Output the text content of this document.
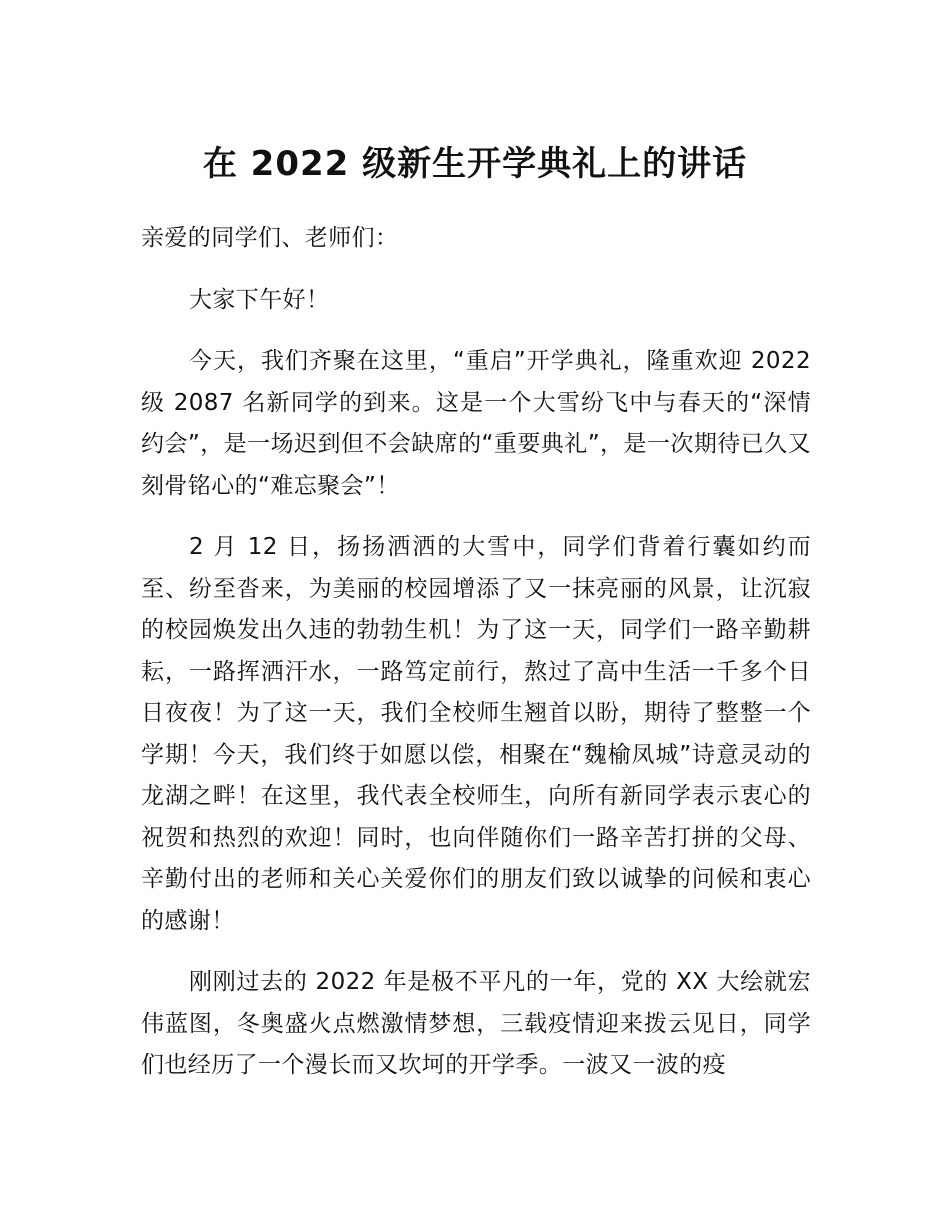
在 2022 级新生开学典礼上的讲话

亲爱的同学们、老师们：

大家下午好！

今天，我们齐聚在这里，“重启”开学典礼，隆重欢迎 2022 级 2087 名新同学的到来。这是一个大雪纷飞中与春天的“深情约会”，是一场迟到但不会缺席的“重要典礼”，是一次期待已久又刻骨铭心的“难忘聚会”！

2 月 12 日，扬扬洒洒的大雪中，同学们背着行囊如约而至、纷至沓来，为美丽的校园增添了又一抹亮丽的风景，让沉寂的校园焕发出久违的勃勃生机！为了这一天，同学们一路辛勤耕耘，一路挥洒汗水，一路笃定前行，熬过了高中生活一千多个日日夜夜！为了这一天，我们全校师生翘首以盼，期待了整整一个学期！今天，我们终于如愿以偿，相聚在“魏榆凤城”诗意灵动的龙湖之畔！在这里，我代表全校师生，向所有新同学表示衷心的祝贺和热烈的欢迎！同时，也向伴随你们一路辛苦打拼的父母、辛勤付出的老师和关心关爱你们的朋友们致以诚挚的问候和衷心的感谢！

刚刚过去的 2022 年是极不平凡的一年，党的 XX 大绘就宏伟蓝图，冬奥盛火点燃激情梦想，三载疫情迎来拨云见日，同学们也经历了一个漫长而又坎坷的开学季。一波又一波的疫
